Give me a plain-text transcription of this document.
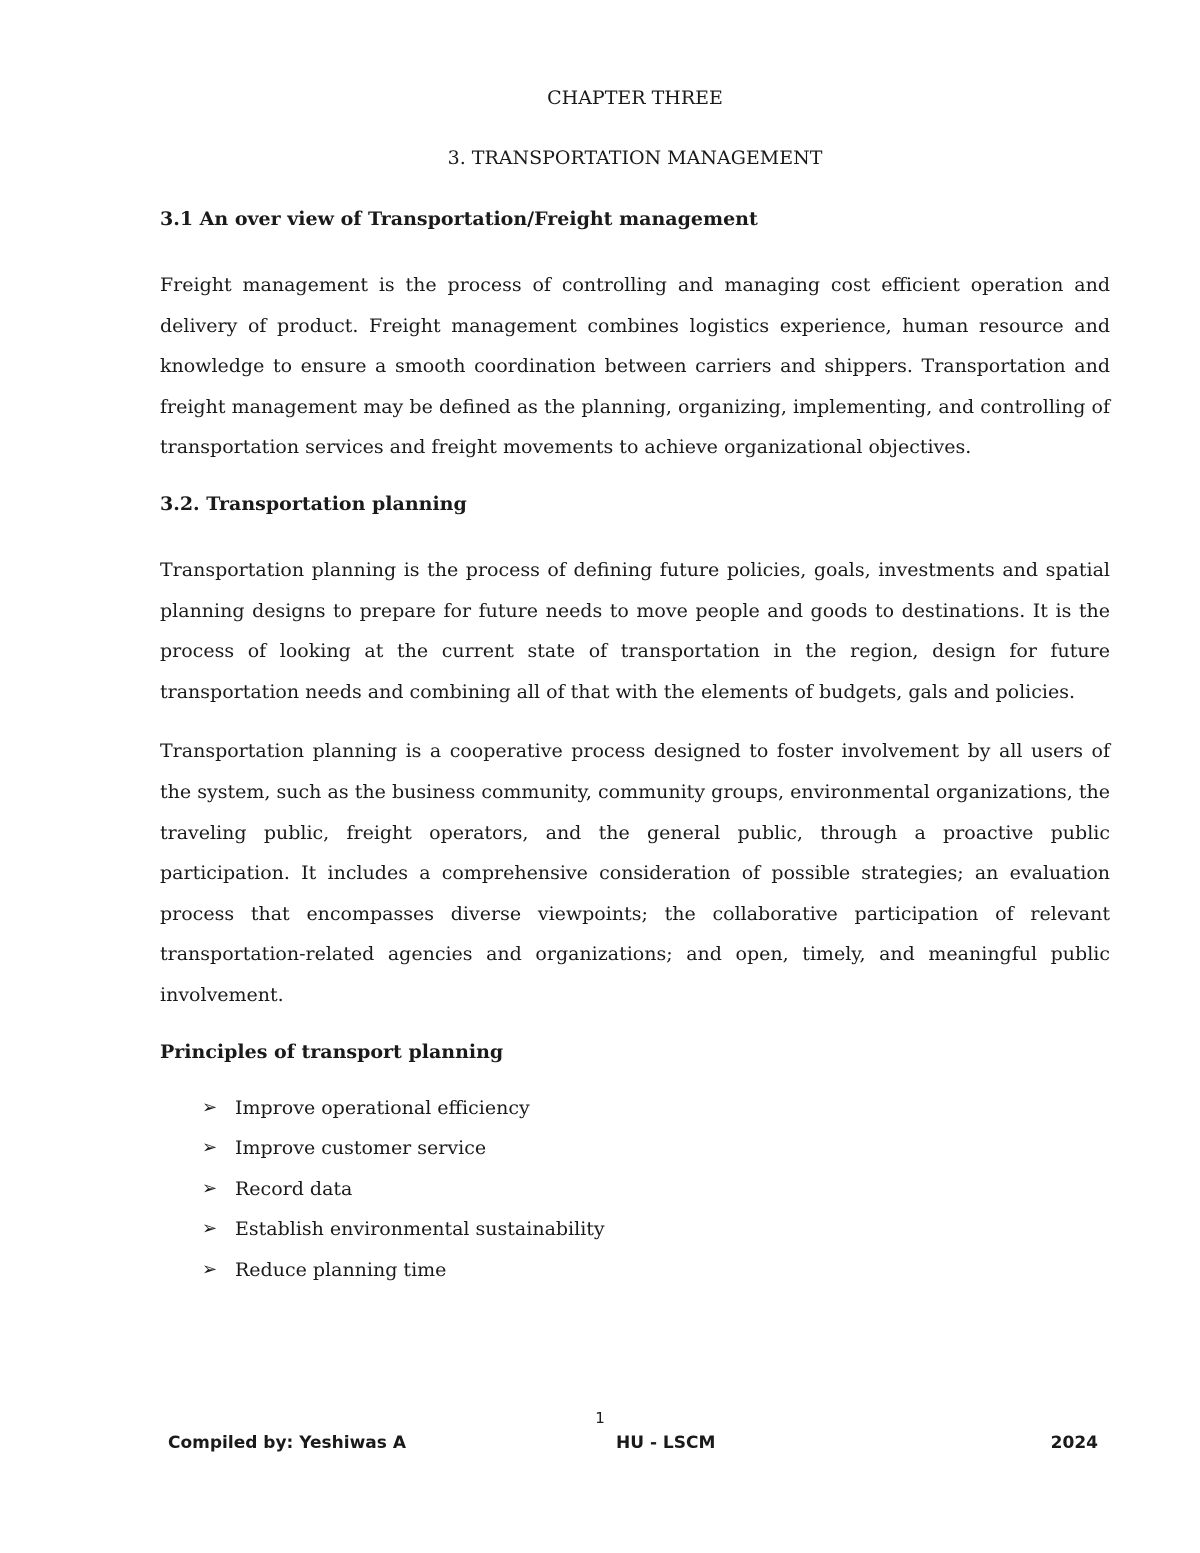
CHAPTER THREE
3. TRANSPORTATION MANAGEMENT
3.1 An over view of Transportation/Freight management

Freight management is the process of controlling and managing cost efficient operation and delivery of product. Freight management combines logistics experience, human resource and knowledge to ensure a smooth coordination between carriers and shippers. Transportation and freight management may be defined as the planning, organizing, implementing, and controlling of transportation services and freight movements to achieve organizational objectives.

3.2. Transportation planning

Transportation planning is the process of defining future policies, goals, investments and spatial planning designs to prepare for future needs to move people and goods to destinations. It is the process of looking at the current state of transportation in the region, design for future transportation needs and combining all of that with the elements of budgets, gals and policies.

Transportation planning is a cooperative process designed to foster involvement by all users of the system, such as the business community, community groups, environmental organizations, the traveling public, freight operators, and the general public, through a proactive public participation. It includes a comprehensive consideration of possible strategies; an evaluation process that encompasses diverse viewpoints; the collaborative participation of relevant transportation-related agencies and organizations; and open, timely, and meaningful public involvement.

Principles of transport planning
➢ Improve operational efficiency
➢ Improve customer service
➢ Record data
➢ Establish environmental sustainability
➢ Reduce planning time
1
Compiled by: Yeshiwas A	2024
HU - LSCM
